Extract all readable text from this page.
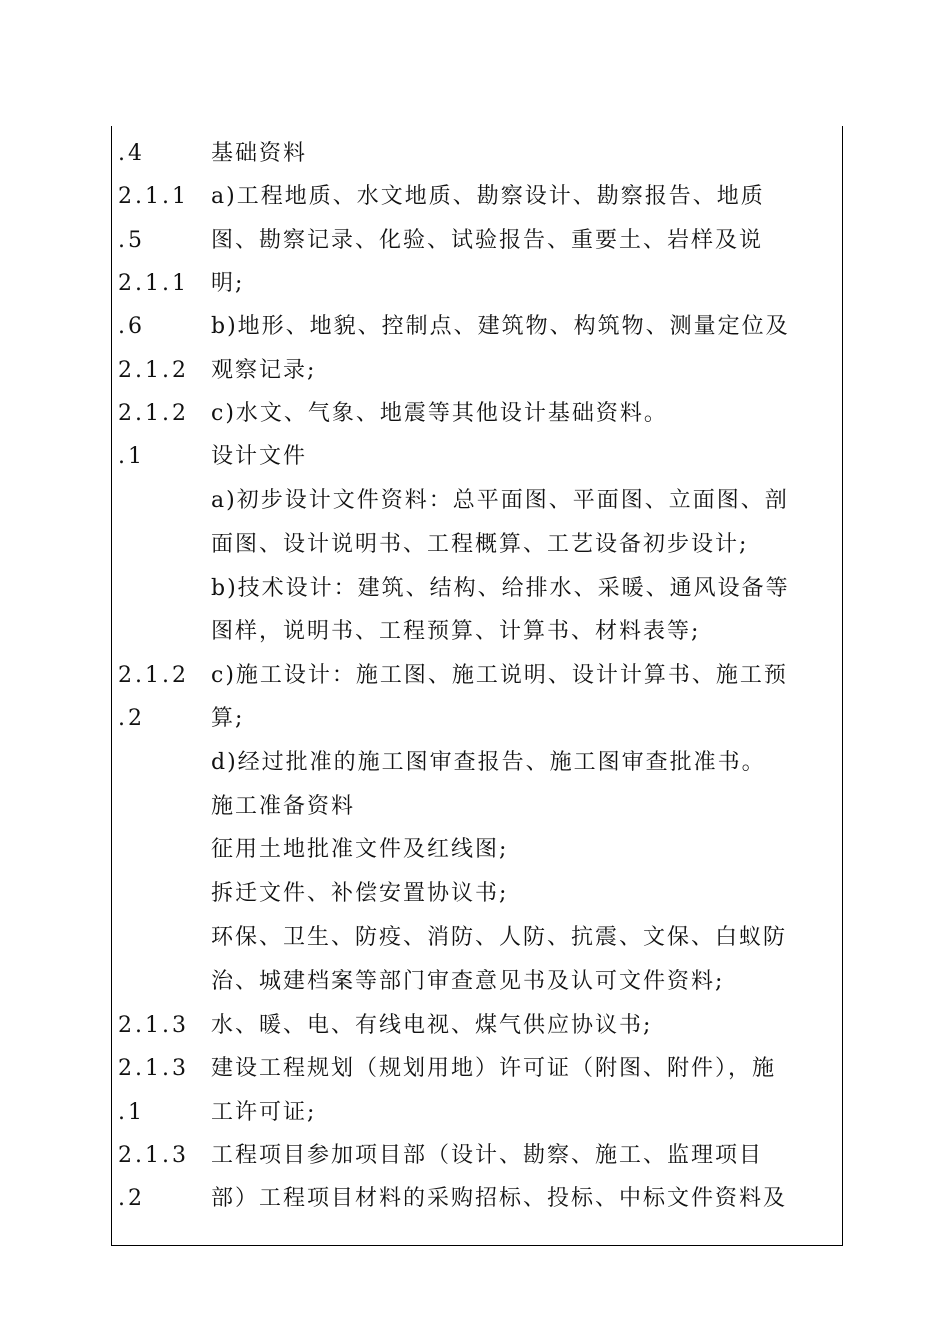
.4
2.1.1
.5
2.1.1
.6
2.1.2
2.1.2
.1
2.1.2
.2
2.1.3
2.1.3
.1
2.1.3
.2
基础资料
a)工程地质、水文地质、勘察设计、勘察报告、地质
图、勘察记录、化验、试验报告、重要土、岩样及说
明;
b)地形、地貌、控制点、建筑物、构筑物、测量定位及
观察记录;
c)水文、气象、地震等其他设计基础资料。
设计文件
a)初步设计文件资料：总平面图、平面图、立面图、剖
面图、设计说明书、工程概算、工艺设备初步设计;
b)技术设计：建筑、结构、给排水、采暖、通风设备等
图样，说明书、工程预算、计算书、材料表等;
c)施工设计：施工图、施工说明、设计计算书、施工预
算;
d)经过批准的施工图审查报告、施工图审查批准书。
施工准备资料
征用土地批准文件及红线图;
拆迁文件、补偿安置协议书;
环保、卫生、防疫、消防、人防、抗震、文保、白蚁防
治、城建档案等部门审查意见书及认可文件资料;
水、暖、电、有线电视、煤气供应协议书;
建设工程规划（规划用地）许可证（附图、附件），施
工许可证;
工程项目参加项目部（设计、勘察、施工、监理项目
部）工程项目材料的采购招标、投标、中标文件资料及
